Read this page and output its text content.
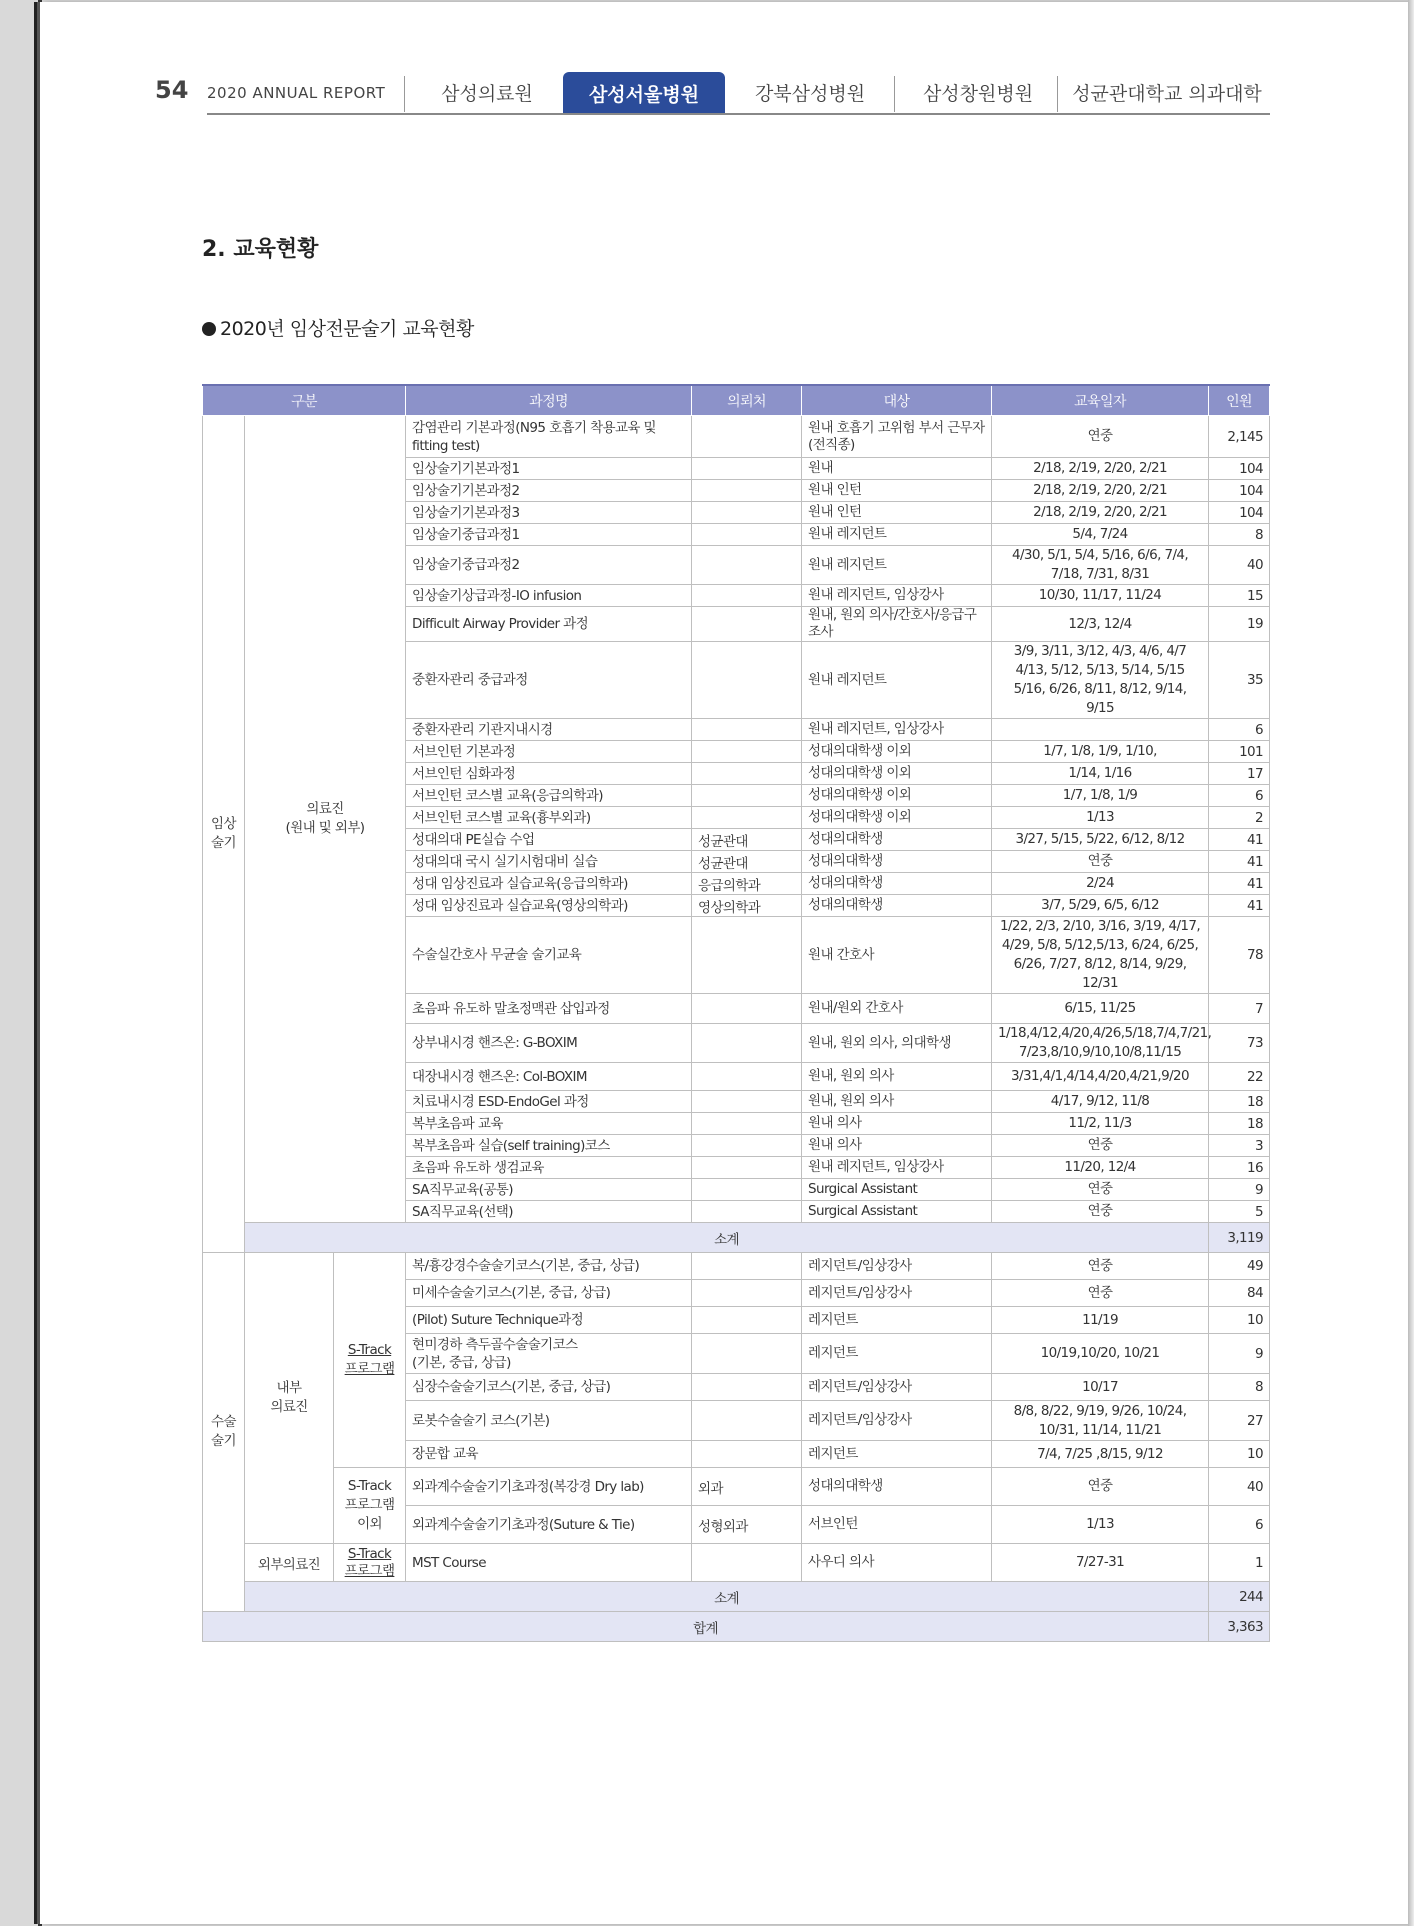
54 2020 ANNUAL REPORT	삼성의료원	삼성서울병원	강북삼성병원	삼성창원병원	성균관대학교 의과대학
2. 교육현황
2020년 임상전문술기 교육현황
구분			과정명	의뢰처	대상	교육일자	인원
임상
술기	의료진
(원내 및 외부)		감염관리 기본과정(N95 호흡기 착용교육 및 fitting test)		원내 호흡기 고위험 부서 근무자 (전직종)	연중	2,145
			임상술기기본과정1		원내	2/18, 2/19, 2/20, 2/21	104
			임상술기기본과정2		원내 인턴	2/18, 2/19, 2/20, 2/21	104
			임상술기기본과정3		원내 인턴	2/18, 2/19, 2/20, 2/21	104
			임상술기중급과정1		원내 레지던트	5/4, 7/24	8
			임상술기중급과정2		원내 레지던트	4/30, 5/1, 5/4, 5/16, 6/6, 7/4, 7/18, 7/31, 8/31	40
			임상술기상급과정-IO infusion		원내 레지던트, 임상강사	10/30, 11/17, 11/24	15
			Difficult Airway Provider 과정		원내, 원외 의사/간호사/응급구조사	12/3, 12/4	19
			중환자관리 중급과정		원내 레지던트	3/9, 3/11, 3/12, 4/3, 4/6, 4/7 4/13, 5/12, 5/13, 5/14, 5/15 5/16, 6/26, 8/11, 8/12, 9/14, 9/15	35
			중환자관리 기관지내시경		원내 레지던트, 임상강사		6
			서브인턴 기본과정		성대의대학생 이외	1/7, 1/8, 1/9, 1/10,	101
			서브인턴 심화과정		성대의대학생 이외	1/14, 1/16	17
			서브인턴 코스별 교육(응급의학과)		성대의대학생 이외	1/7, 1/8, 1/9	6
			서브인턴 코스별 교육(흉부외과)		성대의대학생 이외	1/13	2
			성대의대 PE실습 수업	성균관대	성대의대학생	3/27, 5/15, 5/22, 6/12, 8/12	41
			성대의대 국시 실기시험대비 실습	성균관대	성대의대학생	연중	41
			성대 임상진료과 실습교육(응급의학과)	응급의학과	성대의대학생	2/24	41
			성대 임상진료과 실습교육(영상의학과)	영상의학과	성대의대학생	3/7, 5/29, 6/5, 6/12	41
			수술실간호사 무균술 술기교육		원내 간호사	1/22, 2/3, 2/10, 3/16, 3/19, 4/17, 4/29, 5/8, 5/12,5/13, 6/24, 6/25, 6/26, 7/27, 8/12, 8/14, 9/29, 12/31	78
			초음파 유도하 말초정맥관 삽입과정		원내/원외 간호사	6/15, 11/25	7
			상부내시경 핸즈온: G-BOXIM		원내, 원외 의사, 의대학생	1/18,4/12,4/20,4/26,5/18,7/4,7/21, 7/23,8/10,9/10,10/8,11/15	73
			대장내시경 핸즈온: Col-BOXIM		원내, 원외 의사	3/31,4/1,4/14,4/20,4/21,9/20	22
			치료내시경 ESD-EndoGel 과정		원내, 원외 의사	4/17, 9/12, 11/8	18
			복부초음파 교육		원내 의사	11/2, 11/3	18
			복부초음파 실습(self training)코스		원내 의사	연중	3
			초음파 유도하 생검교육		원내 레지던트, 임상강사	11/20, 12/4	16
			SA직무교육(공통)		Surgical Assistant	연중	9
			SA직무교육(선택)		Surgical Assistant	연중	5
	소계						3,119
수술
술기	내부
의료진	S-Track
프로그램	복/흉강경수술술기코스(기본, 중급, 상급)		레지던트/임상강사	연중	49
			미세수술술기코스(기본, 중급, 상급)		레지던트/임상강사	연중	84
			(Pilot) Suture Technique과정		레지던트	11/19	10
			현미경하 측두골수술술기코스
(기본, 중급, 상급)		레지던트	10/19,10/20, 10/21	9
			심장수술술기코스(기본, 중급, 상급)		레지던트/임상강사	10/17	8
			로봇수술술기 코스(기본)		레지던트/임상강사	8/8, 8/22, 9/19, 9/26, 10/24, 10/31, 11/14, 11/21	27
			장문합 교육		레지던트	7/4, 7/25 ,8/15, 9/12	10
		S-Track
프로그램
이외	외과계수술술기기초과정(복강경 Dry lab)	외과	성대의대학생	연중	40
			외과계수술술기기초과정(Suture & Tie)	성형외과	서브인턴	1/13	6
	외부의료진	S-Track
프로그램	MST Course		사우디 의사	7/27-31	1
	소계						244
합계							3,363
